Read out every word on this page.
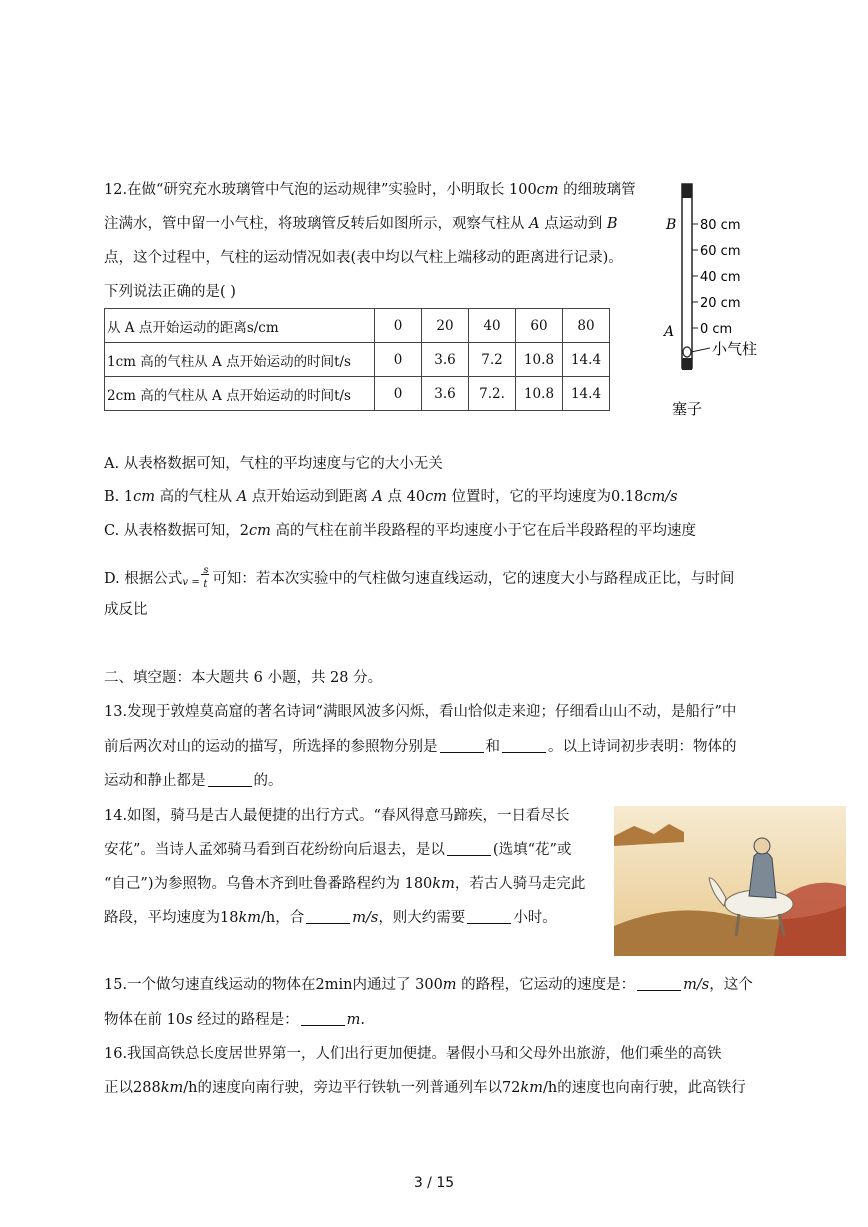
12.在做“研究充水玻璃管中气泡的运动规律”实验时，小明取长 100cm 的细玻璃管
注满水，管中留一小气柱，将玻璃管反转后如图所示，观察气柱从 A 点运动到 B
点，这个过程中，气柱的运动情况如表(表中均以气柱上端移动的距离进行记录)。
下列说法正确的是( )
从 A 点开始运动的距离s/cm	0	20	40	60	80
1cm 高的气柱从 A 点开始运动的时间t/s	0	3.6	7.2	10.8	14.4
2cm 高的气柱从 A 点开始运动的时间t/s	0	3.6	7.2.	10.8	14.4
B
A
80 cm
60 cm
40 cm
20 cm
0 cm
小气柱
塞子
A. 从表格数据可知，气柱的平均速度与它的大小无关
B. 1cm 高的气柱从 A 点开始运动到距离 A 点 40cm 位置时，它的平均速度为0.18cm/s
C. 从表格数据可知，2cm 高的气柱在前半段路程的平均速度小于它在后半段路程的平均速度
D. 根据公式 v =
s
t 可知：若本次实验中的气柱做匀速直线运动，它的速度大小与路程成正比，与时间
成反比
二、填空题：本大题共 6 小题，共 28 分。
13.发现于敦煌莫高窟的著名诗词“满眼风波多闪烁，看山恰似走来迎；仔细看山山不动，是船行”中
前后两次对山的运动的描写，所选择的参照物分别是	和	。以上诗词初步表明：物体的
运动和静止都是	的。
14.如图，骑马是古人最便捷的出行方式。“春风得意马蹄疾，一日看尽长
安花”。当诗人孟郊骑马看到百花纷纷向后退去，是以	(选填“花”或
“自己”)为参照物。乌鲁木齐到吐鲁番路程约为 180km，若古人骑马走完此
路段，平均速度为18km/h，合	m/s，则大约需要	小时。
15.一个做匀速直线运动的物体在2min内通过了 300m 的路程，它运动的速度是：	m/s，这个
物体在前 10s 经过的路程是：	m.
16.我国高铁总长度居世界第一，人们出行更加便捷。暑假小马和父母外出旅游，他们乘坐的高铁
正以288km/h的速度向南行驶，旁边平行铁轨一列普通列车以72km/h的速度也向南行驶，此高铁行
3 / 15
